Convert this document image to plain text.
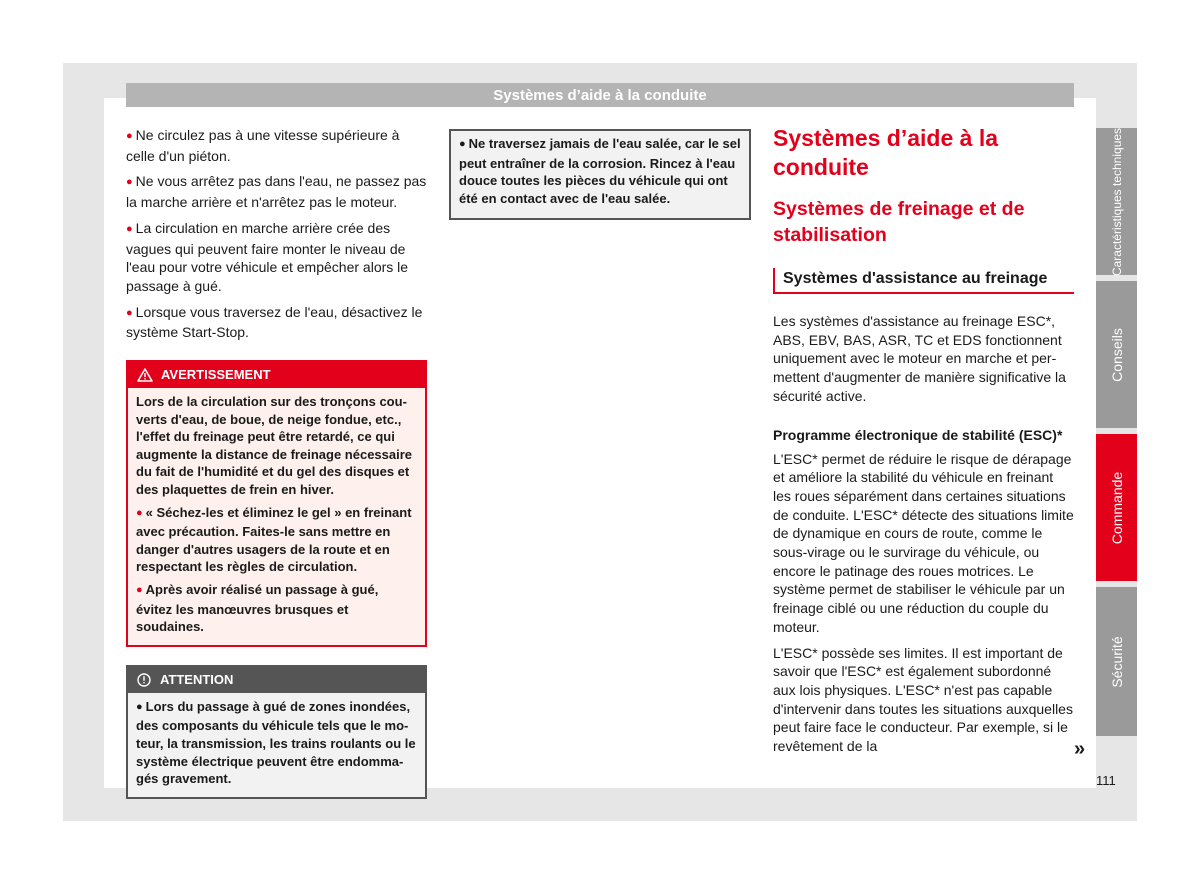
Systèmes d’aide à la conduite

● Ne circulez pas à une vitesse supérieure à celle d'un piéton.

● Ne vous arrêtez pas dans l'eau, ne passez pas la marche arrière et n'arrêtez pas le moteur.

● La circulation en marche arrière crée des vagues qui peuvent faire monter le niveau de l'eau pour votre véhicule et empêcher alors le passage à gué.

● Lorsque vous traversez de l'eau, désactivez le système Start-Stop.

AVERTISSEMENT

Lors de la circulation sur des tronçons couverts d'eau, de boue, de neige fondue, etc., l'effet du freinage peut être retardé, ce qui augmente la distance de freinage nécessaire du fait de l'humidité et du gel des disques et des plaquettes de frein en hiver.

● « Séchez-les et éliminez le gel » en freinant avec précaution. Faites-le sans mettre en danger d'autres usagers de la route et en respectant les règles de circulation.

● Après avoir réalisé un passage à gué, évitez les manœuvres brusques et soudaines.

ATTENTION

● Lors du passage à gué de zones inondées, des composants du véhicule tels que le moteur, la transmission, les trains roulants ou le système électrique peuvent être endommagés gravement.

● Ne traversez jamais de l'eau salée, car le sel peut entraîner de la corrosion. Rincez à l'eau douce toutes les pièces du véhicule qui ont été en contact avec de l'eau salée.

Systèmes d’aide à la conduite
Systèmes de freinage et de stabilisation
Systèmes d'assistance au freinage

Les systèmes d'assistance au freinage ESC*, ABS, EBV, BAS, ASR, TC et EDS fonctionnent uniquement avec le moteur en marche et permettent d'augmenter de manière significative la sécurité active.

Programme électronique de stabilité (ESC)*

L'ESC* permet de réduire le risque de dérapage et améliore la stabilité du véhicule en freinant les roues séparément dans certaines situations de conduite. L'ESC* détecte des situations limite de dynamique en cours de route, comme le sous-virage ou le survirage du véhicule, ou encore le patinage des roues motrices. Le système permet de stabiliser le véhicule par un freinage ciblé ou une réduction du couple du moteur.

L'ESC* possède ses limites. Il est important de savoir que l'ESC* est également subordonné aux lois physiques. L'ESC* n'est pas capable d'intervenir dans toutes les situations auxquelles peut faire face le conducteur. Par exemple, si le revêtement de la

Caractéristiques techniques
Conseils
Commande
Sécurité
»
111
